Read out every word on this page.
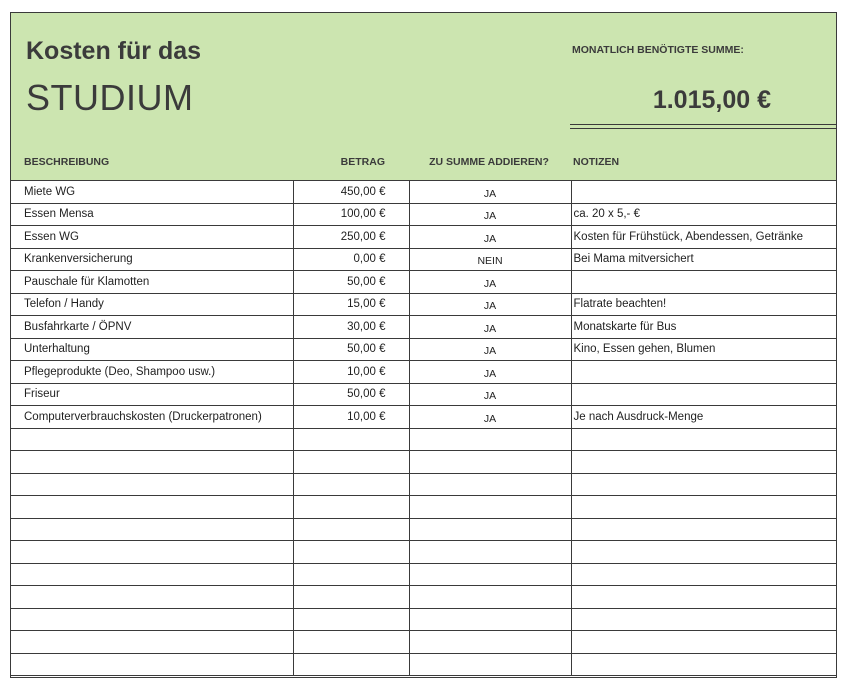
Kosten für das
STUDIUM
MONATLICH BENÖTIGTE SUMME:
1.015,00 €
BESCHREIBUNG	BETRAG	ZU SUMME ADDIEREN?	NOTIZEN
Miete WG	450,00 €	JA	
Essen Mensa	100,00 €	JA	ca. 20 x 5,- €
Essen WG	250,00 €	JA	Kosten für Frühstück, Abendessen, Getränke
Krankenversicherung	0,00 €	NEIN	Bei Mama mitversichert
Pauschale für Klamotten	50,00 €	JA	
Telefon / Handy	15,00 €	JA	Flatrate beachten!
Busfahrkarte / ÖPNV	30,00 €	JA	Monatskarte für Bus
Unterhaltung	50,00 €	JA	Kino, Essen gehen, Blumen
Pflegeprodukte (Deo, Shampoo usw.)	10,00 €	JA	
Friseur	50,00 €	JA	
Computerverbrauchskosten (Druckerpatronen)	10,00 €	JA	Je nach Ausdruck-Menge
